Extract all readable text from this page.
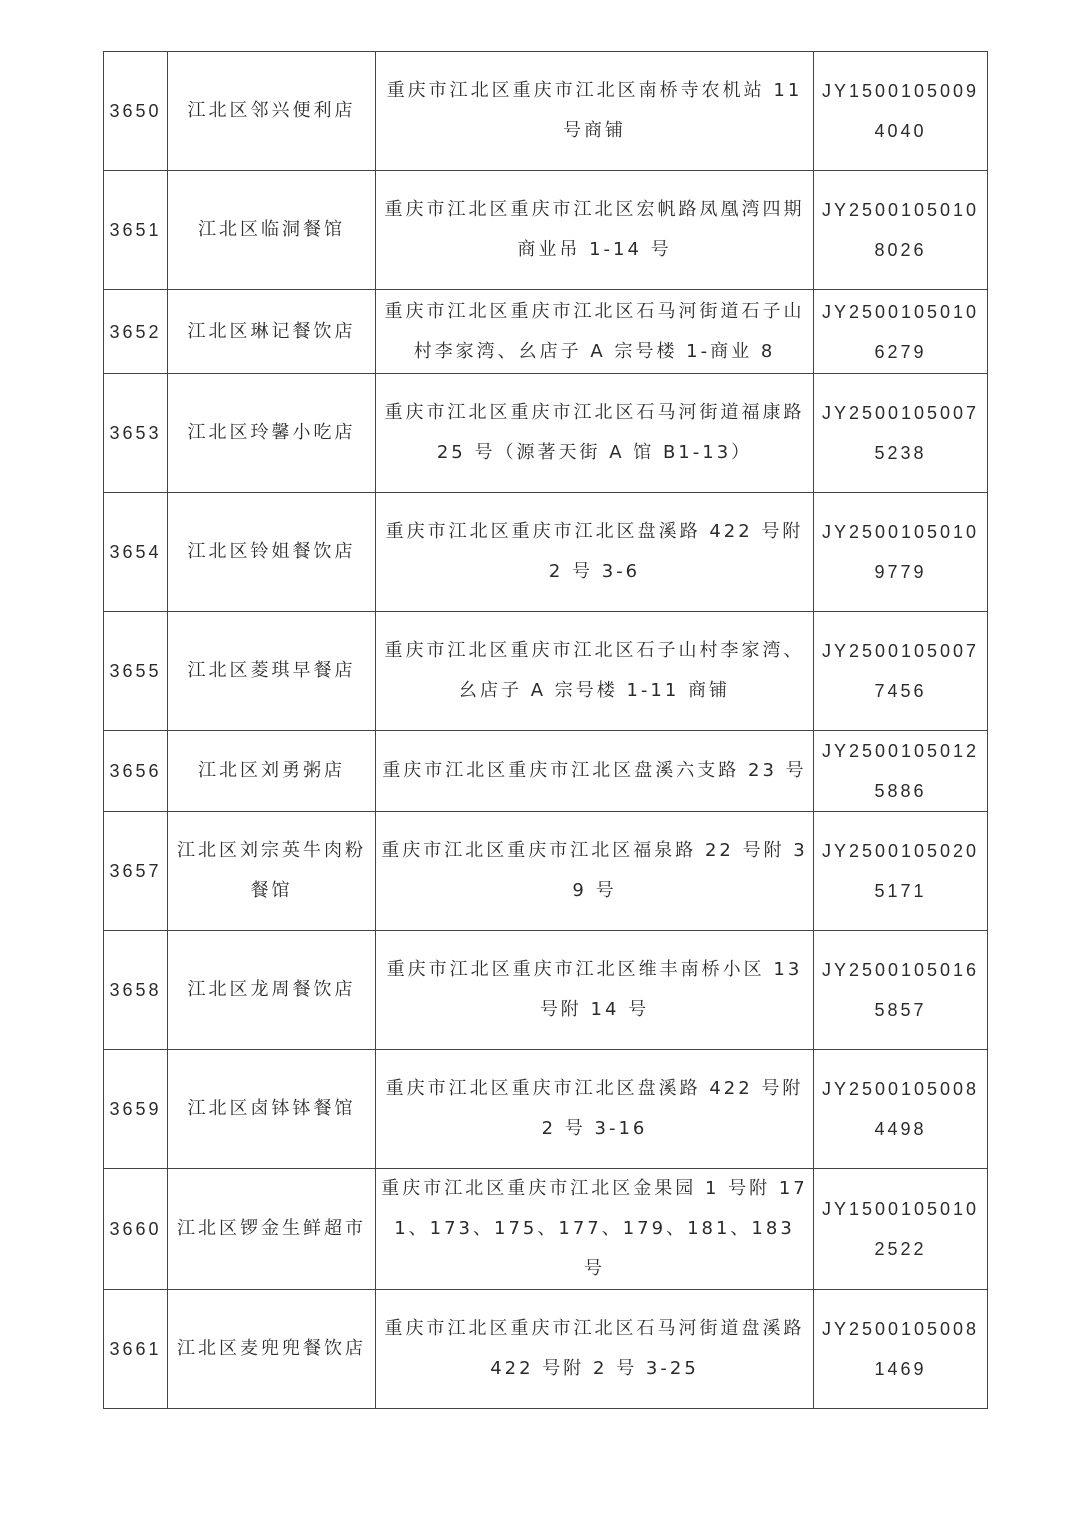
3650	江北区邻兴便利店	重庆市江北区重庆市江北区南桥寺农机站 11 号商铺	JY15001050094040
3651	江北区临洞餐馆	重庆市江北区重庆市江北区宏帆路凤凰湾四期商业吊 1-14 号	JY25001050108026
3652	江北区琳记餐饮店	重庆市江北区重庆市江北区石马河街道石子山村李家湾、幺店子 A 宗号楼 1-商业 8	JY25001050106279
3653	江北区玲馨小吃店	重庆市江北区重庆市江北区石马河街道福康路 25 号（源著天街 A 馆 B1-13）	JY25001050075238
3654	江北区铃姐餐饮店	重庆市江北区重庆市江北区盘溪路 422 号附 2 号 3-6	JY25001050109779
3655	江北区菱琪早餐店	重庆市江北区重庆市江北区石子山村李家湾、幺店子 A 宗号楼 1-11 商铺	JY25001050077456
3656	江北区刘勇粥店	重庆市江北区重庆市江北区盘溪六支路 23 号	JY25001050125886
3657	江北区刘宗英牛肉粉餐馆	重庆市江北区重庆市江北区福泉路 22 号附 39 号	JY25001050205171
3658	江北区龙周餐饮店	重庆市江北区重庆市江北区维丰南桥小区 13 号附 14 号	JY25001050165857
3659	江北区卤钵钵餐馆	重庆市江北区重庆市江北区盘溪路 422 号附 2 号 3-16	JY25001050084498
3660	江北区锣金生鲜超市	重庆市江北区重庆市江北区金果园 1 号附 171、173、175、177、179、181、183 号	JY15001050102522
3661	江北区麦兜兜餐饮店	重庆市江北区重庆市江北区石马河街道盘溪路 422 号附 2 号 3-25	JY25001050081469
